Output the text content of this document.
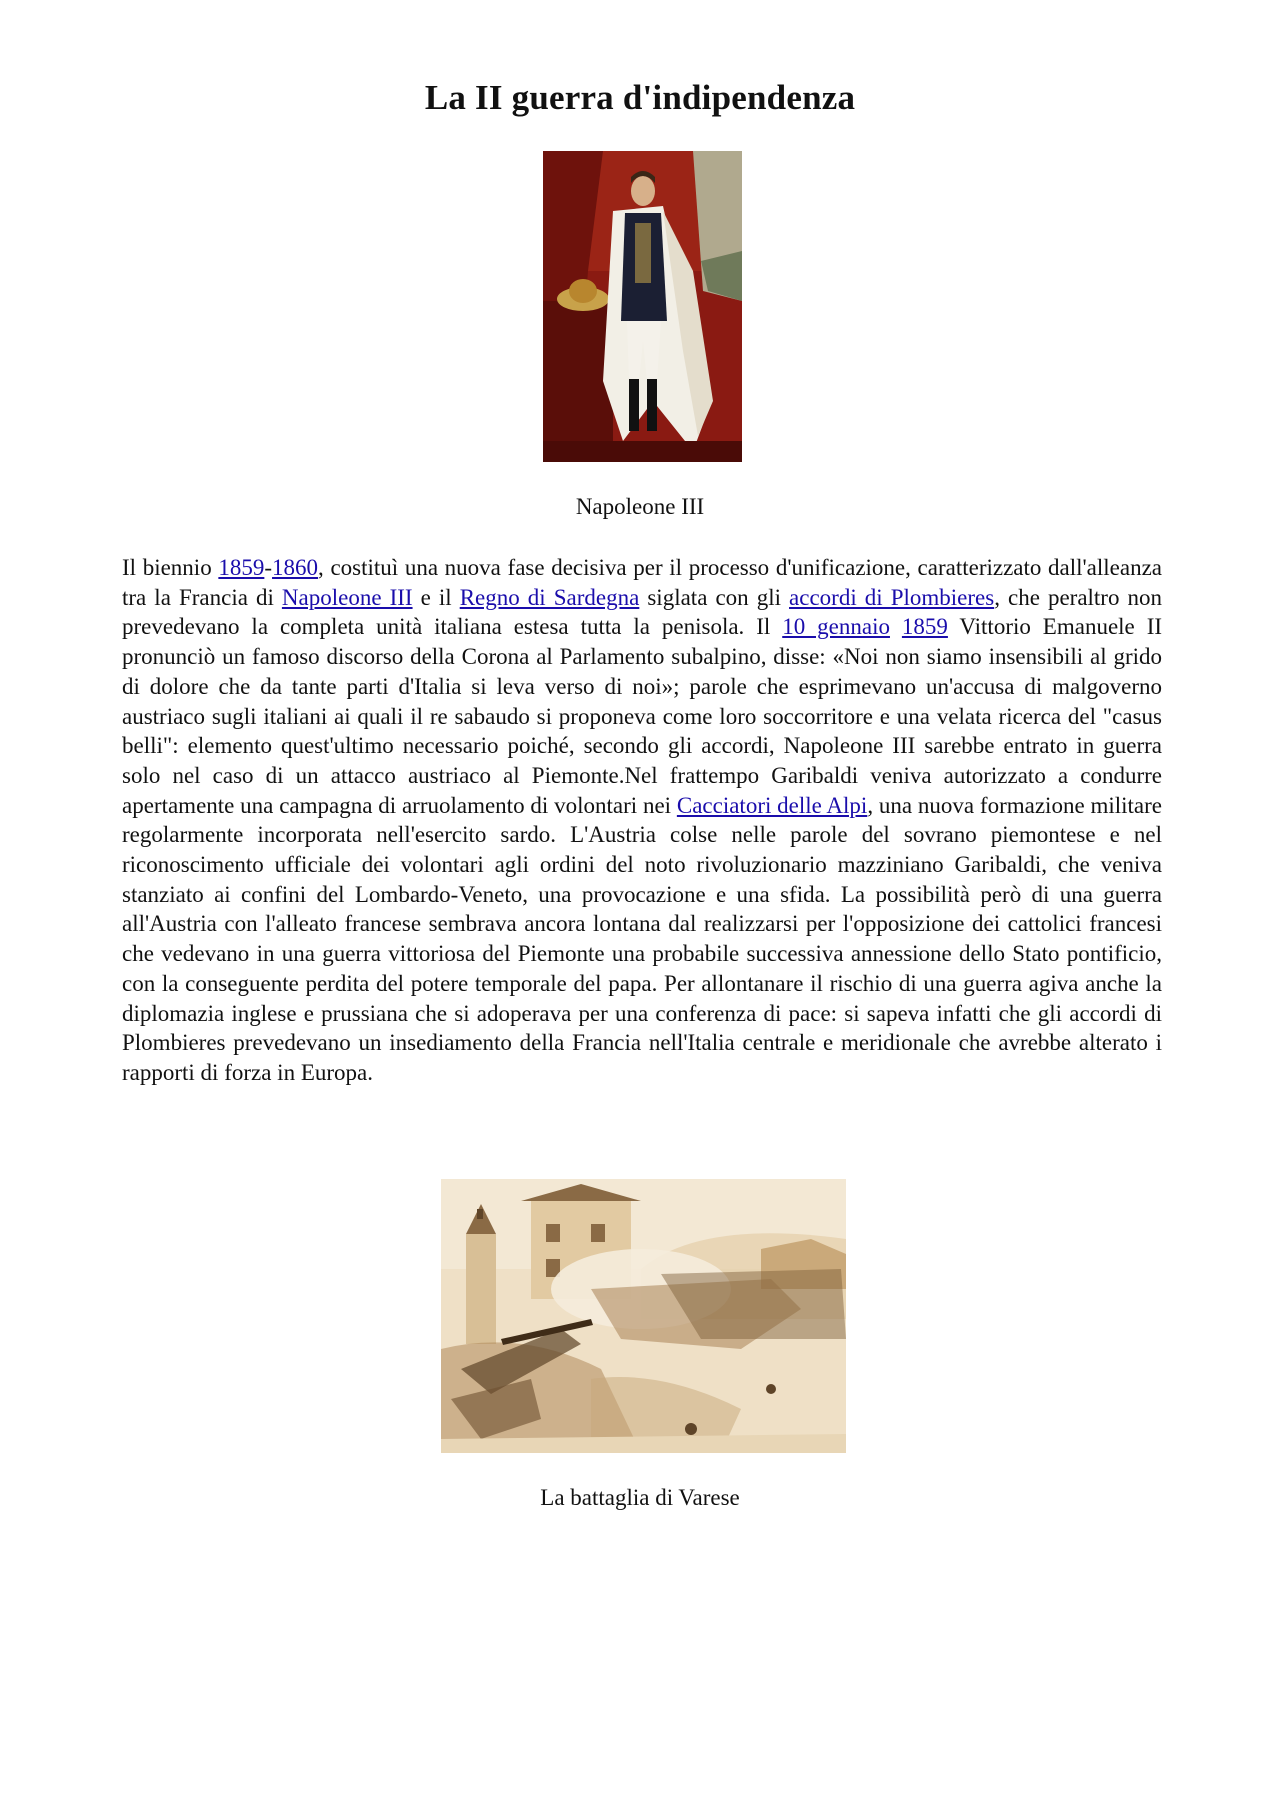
La II guerra d'indipendenza
Napoleone III

Il biennio 1859-1860, costituì una nuova fase decisiva per il processo d'unificazione, caratterizzato dall'alleanza tra la Francia di Napoleone III e il Regno di Sardegna siglata con gli accordi di Plombieres, che peraltro non prevedevano la completa unità italiana estesa tutta la penisola. Il 10 gennaio 1859 Vittorio Emanuele II pronunciò un famoso discorso della Corona al Parlamento subalpino, disse: «Noi non siamo insensibili al grido di dolore che da tante parti d'Italia si leva verso di noi»; parole che esprimevano un'accusa di malgoverno austriaco sugli italiani ai quali il re sabaudo si proponeva come loro soccorritore e una velata ricerca del "casus belli": elemento quest'ultimo necessario poiché, secondo gli accordi, Napoleone III sarebbe entrato in guerra solo nel caso di un attacco austriaco al Piemonte.Nel frattempo Garibaldi veniva autorizzato a condurre apertamente una campagna di arruolamento di volontari nei Cacciatori delle Alpi, una nuova formazione militare regolarmente incorporata nell'esercito sardo. L'Austria colse nelle parole del sovrano piemontese e nel riconoscimento ufficiale dei volontari agli ordini del noto rivoluzionario mazziniano Garibaldi, che veniva stanziato ai confini del Lombardo-Veneto, una provocazione e una sfida. La possibilità però di una guerra all'Austria con l'alleato francese sembrava ancora lontana dal realizzarsi per l'opposizione dei cattolici francesi che vedevano in una guerra vittoriosa del Piemonte una probabile successiva annessione dello Stato pontificio, con la conseguente perdita del potere temporale del papa. Per allontanare il rischio di una guerra agiva anche la diplomazia inglese e prussiana che si adoperava per una conferenza di pace: si sapeva infatti che gli accordi di Plombieres prevedevano un insediamento della Francia nell'Italia centrale e meridionale che avrebbe alterato i rapporti di forza in Europa.

La battaglia di Varese
